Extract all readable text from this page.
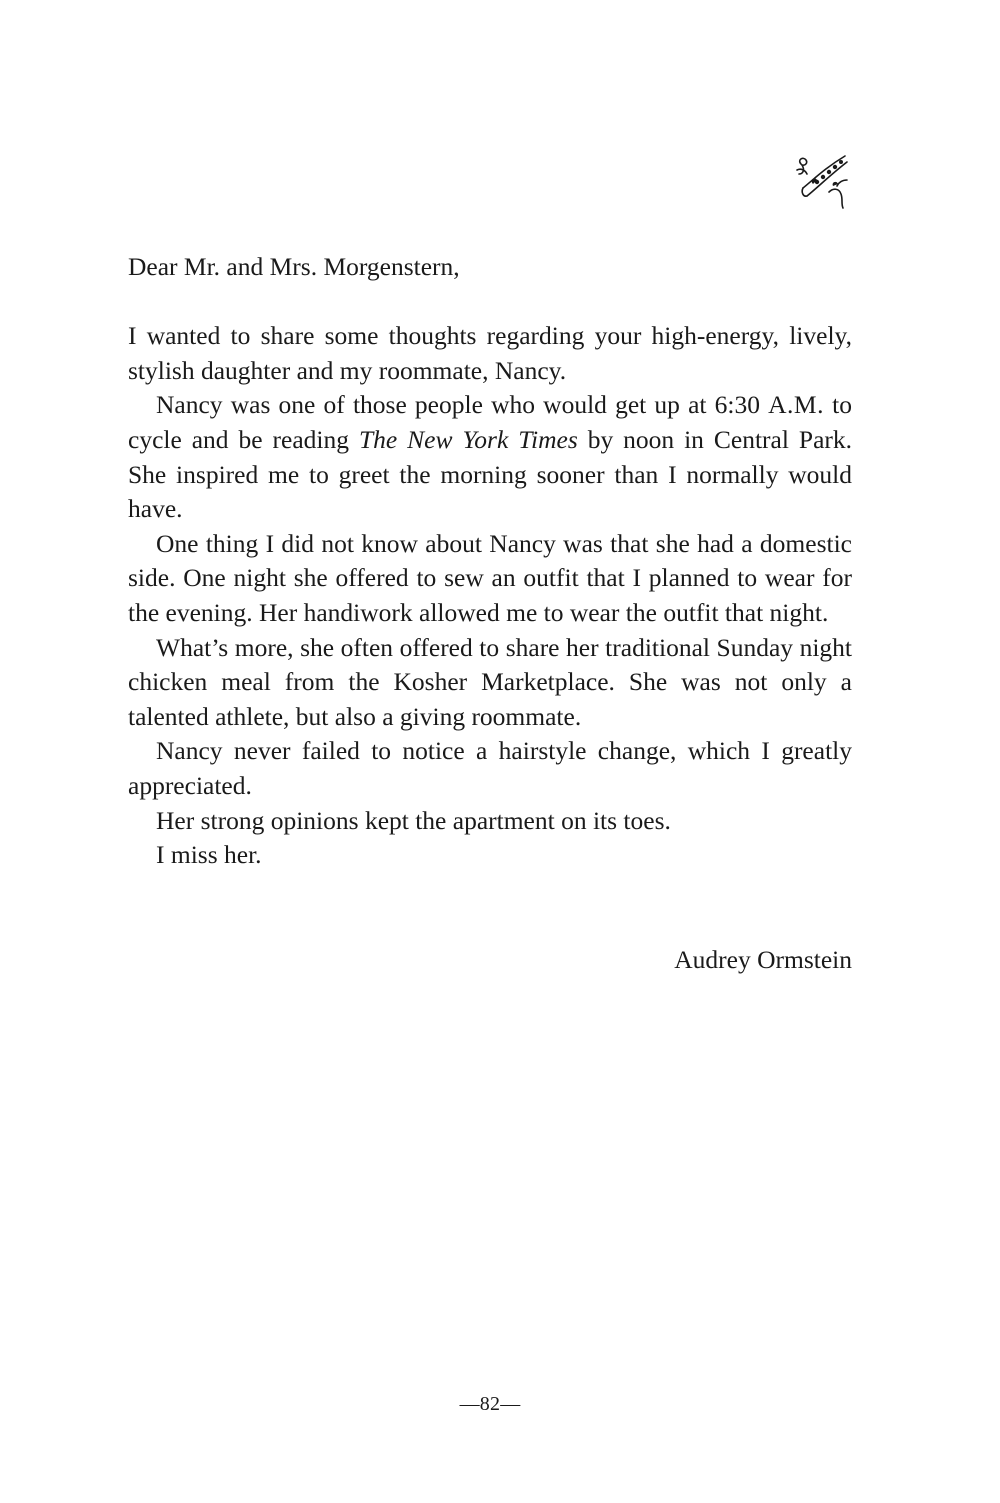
Dear Mr. and Mrs. Morgenstern,

I wanted to share some thoughts regarding your high-energy, lively, stylish daughter and my roommate, Nancy.

Nancy was one of those people who would get up at 6:30 A.M. to cycle and be reading The New York Times by noon in Central Park. She inspired me to greet the morning sooner than I normally would have.

One thing I did not know about Nancy was that she had a domestic side. One night she offered to sew an outfit that I planned to wear for the evening. Her handiwork allowed me to wear the outfit that night.

What’s more, she often offered to share her traditional Sunday night chicken meal from the Kosher Marketplace. She was not only a talented athlete, but also a giving roommate.

Nancy never failed to notice a hairstyle change, which I greatly appreciated.

Her strong opinions kept the apartment on its toes.

I miss her.

Audrey Ormstein
—82—
